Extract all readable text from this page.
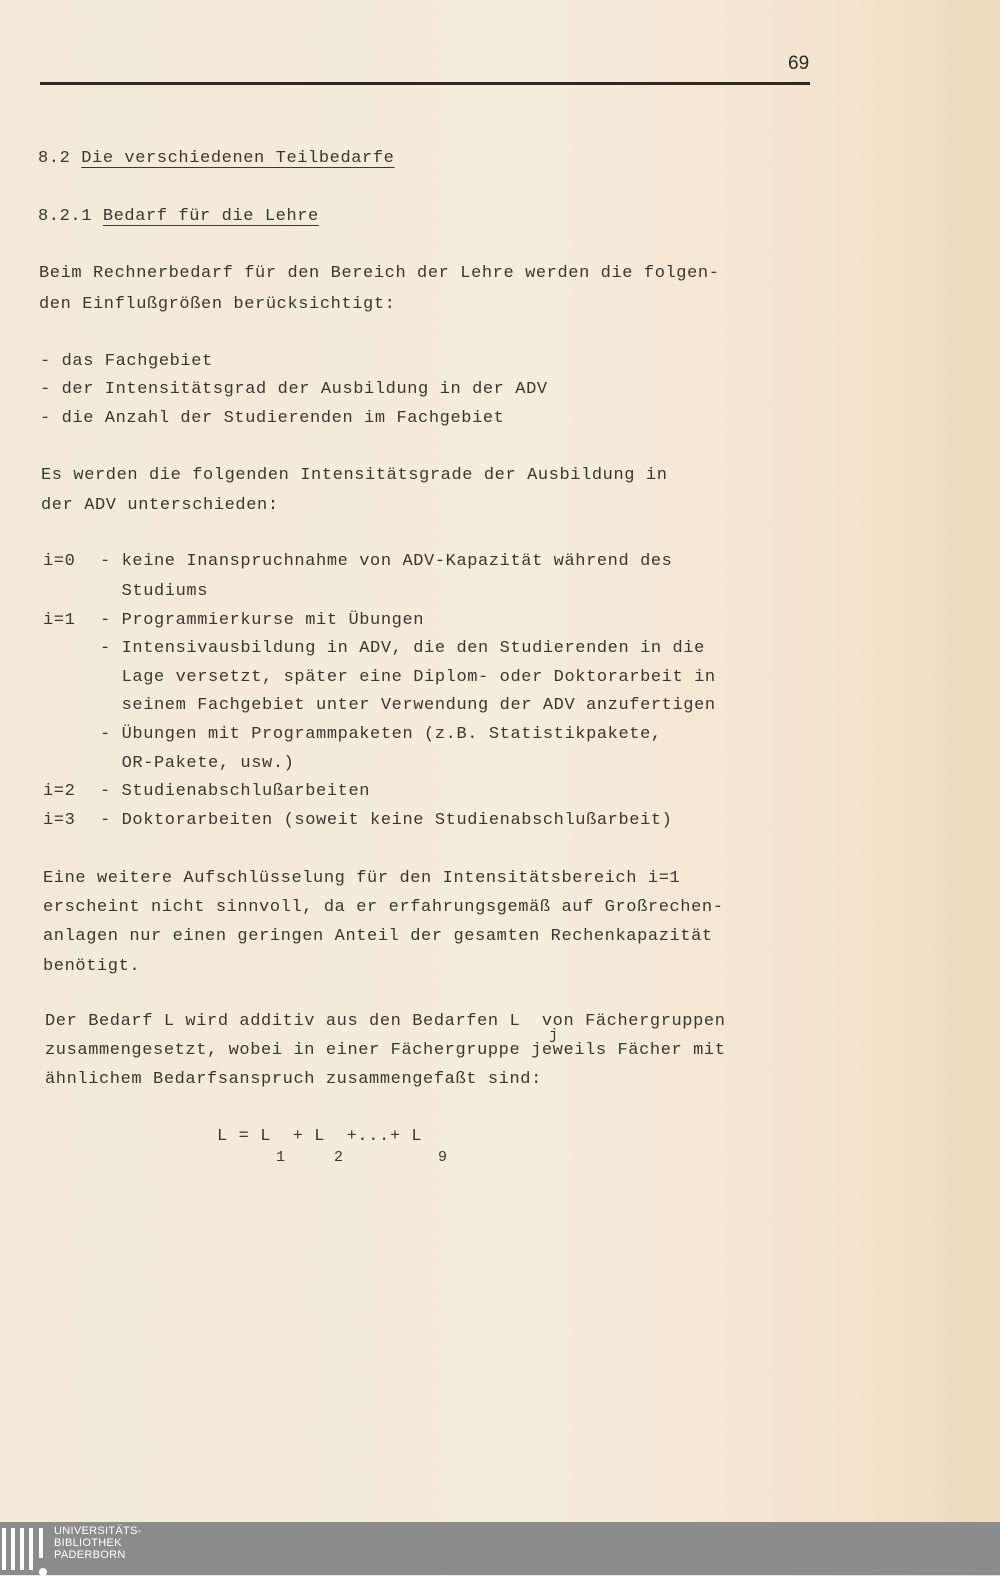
69
8.2 Die verschiedenen Teilbedarfe
8.2.1 Bedarf für die Lehre
Beim Rechnerbedarf für den Bereich der Lehre werden die folgen-
den Einflußgrößen berücksichtigt:
- das Fachgebiet
- der Intensitätsgrad der Ausbildung in der ADV
- die Anzahl der Studierenden im Fachgebiet
Es werden die folgenden Intensitätsgrade der Ausbildung in
der ADV unterschieden:
i=0 - keine Inanspruchnahme von ADV-Kapazität während des
Studiums
i=1 - Programmierkurse mit Übungen
- Intensivausbildung in ADV, die den Studierenden in die
Lage versetzt, später eine Diplom- oder Doktorarbeit in
seinem Fachgebiet unter Verwendung der ADV anzufertigen
- Übungen mit Programmpaketen (z.B. Statistikpakete,
OR-Pakete, usw.)
i=2 - Studienabschlußarbeiten
i=3 - Doktorarbeiten (soweit keine Studienabschlußarbeit)
Eine weitere Aufschlüsselung für den Intensitätsbereich i=1
erscheint nicht sinnvoll, da er erfahrungsgemäß auf Großrechen-
anlagen nur einen geringen Anteil der gesamten Rechenkapazität
benötigt.
Der Bedarf L wird additiv aus den Bedarfen L  von Fächergruppen
j
zusammengesetzt, wobei in einer Fächergruppe jeweils Fächer mit
ähnlichem Bedarfsanspruch zusammengefaßt sind:
L = L  + L  +...+ L
1	2	9
UNIVERSITÄTS-
BIBLIOTHEK
PADERBORN
